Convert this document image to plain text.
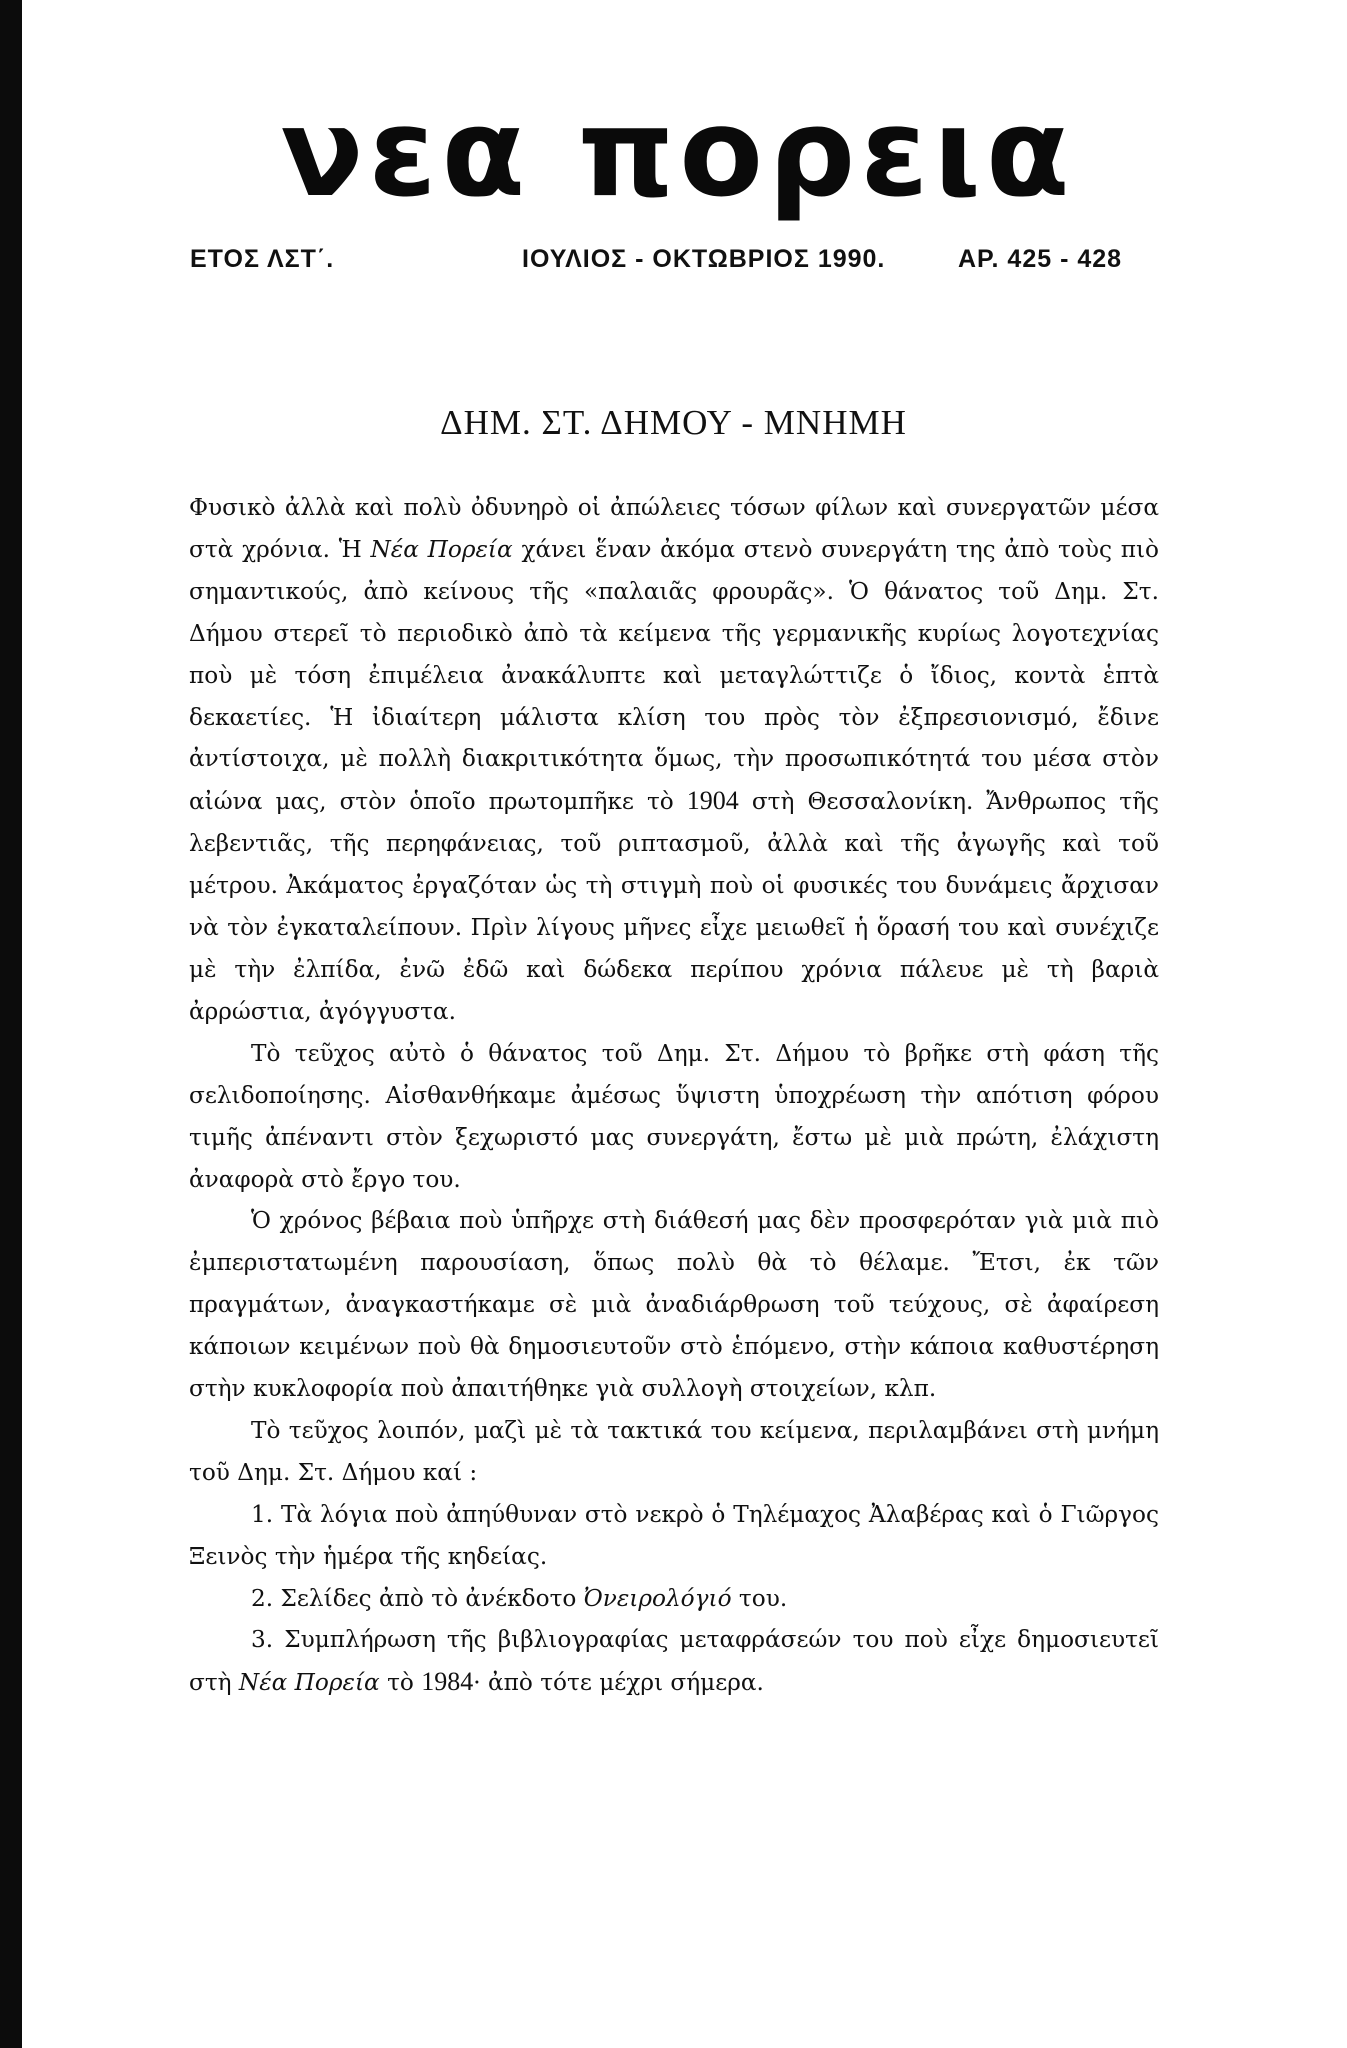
νεα πορεια
ΕΤΟΣ ΛΣΤ΄.	ΙΟΥΛΙΟΣ - ΟΚΤΩΒΡΙΟΣ 1990.	ΑΡ. 425 - 428
ΔΗΜ. ΣΤ. ΔΗΜΟΥ - ΜΝΗΜΗ

Φυσικὸ ἀλλὰ καὶ πολὺ ὀδυνηρὸ οἱ ἀπώλειες τόσων φίλων καὶ συνεργατῶν μέσα στὰ χρόνια. Ἡ Νέα Πορεία χάνει ἕναν ἀκόμα στενὸ συνεργάτη της ἀπὸ τοὺς πιὸ σημαντικούς, ἀπὸ κείνους τῆς «παλαιᾶς φρουρᾶς». Ὁ θάνατος τοῦ Δημ. Στ. Δήμου στερεῖ τὸ περιοδικὸ ἀπὸ τὰ κείμενα τῆς γερμανικῆς κυρίως λογοτεχνίας ποὺ μὲ τόση ἐπιμέλεια ἀνακάλυπτε καὶ μεταγλώττιζε ὁ ἴδιος, κοντὰ ἑπτὰ δεκαετίες. Ἡ ἰδιαίτερη μάλιστα κλίση του πρὸς τὸν ἐξπρεσιονισμό, ἔδινε ἀντίστοιχα, μὲ πολλὴ διακριτικότητα ὅμως, τὴν προσωπικότητά του μέσα στὸν αἰώνα μας, στὸν ὁποῖο πρωτομπῆκε τὸ 1904 στὴ Θεσσαλονίκη. Ἄνθρωπος τῆς λεβεντιᾶς, τῆς περηφάνειας, τοῦ ριπτασμοῦ, ἀλλὰ καὶ τῆς ἀγωγῆς καὶ τοῦ μέτρου. Ἀκάματος ἐργαζόταν ὡς τὴ στιγμὴ ποὺ οἱ φυσικές του δυνάμεις ἄρχισαν νὰ τὸν ἐγκαταλείπουν. Πρὶν λίγους μῆνες εἶχε μειωθεῖ ἡ ὅρασή του καὶ συνέχιζε μὲ τὴν ἐλπίδα, ἐνῶ ἐδῶ καὶ δώδεκα περίπου χρόνια πάλευε μὲ τὴ βαριὰ ἀρρώστια, ἀγόγγυστα.

Τὸ τεῦχος αὐτὸ ὁ θάνατος τοῦ Δημ. Στ. Δήμου τὸ βρῆκε στὴ φάση τῆς σελιδοποίησης. Αἰσθανθήκαμε ἀμέσως ὕψιστη ὑποχρέωση τὴν απότιση φόρου τιμῆς ἀπέναντι στὸν ξεχωριστό μας συνεργάτη, ἔστω μὲ μιὰ πρώτη, ἐλάχιστη ἀναφορὰ στὸ ἔργο του.

Ὁ χρόνος βέβαια ποὺ ὑπῆρχε στὴ διάθεσή μας δὲν προσφερόταν γιὰ μιὰ πιὸ ἐμπεριστατωμένη παρουσίαση, ὅπως πολὺ θὰ τὸ θέλαμε. Ἔτσι, ἐκ τῶν πραγμάτων, ἀναγκαστήκαμε σὲ μιὰ ἀναδιάρθρωση τοῦ τεύχους, σὲ ἀφαίρεση κάποιων κειμένων ποὺ θὰ δημοσιευτοῦν στὸ ἑπόμενο, στὴν κάποια καθυστέρηση στὴν κυκλοφορία ποὺ ἀπαιτήθηκε γιὰ συλλογὴ στοιχείων, κλπ.

Τὸ τεῦχος λοιπόν, μαζὶ μὲ τὰ τακτικά του κείμενα, περιλαμβάνει στὴ μνήμη τοῦ Δημ. Στ. Δήμου καί :

1. Τὰ λόγια ποὺ ἀπηύθυναν στὸ νεκρὸ ὁ Τηλέμαχος Ἀλαβέρας καὶ ὁ Γιῶργος Ξεινὸς τὴν ἡμέρα τῆς κηδείας.

2. Σελίδες ἀπὸ τὸ ἀνέκδοτο Ὀνειρολόγιό του.

3. Συμπλήρωση τῆς βιβλιογραφίας μεταφράσεών του ποὺ εἶχε δημοσιευτεῖ στὴ Νέα Πορεία τὸ 1984· ἀπὸ τότε μέχρι σήμερα.
